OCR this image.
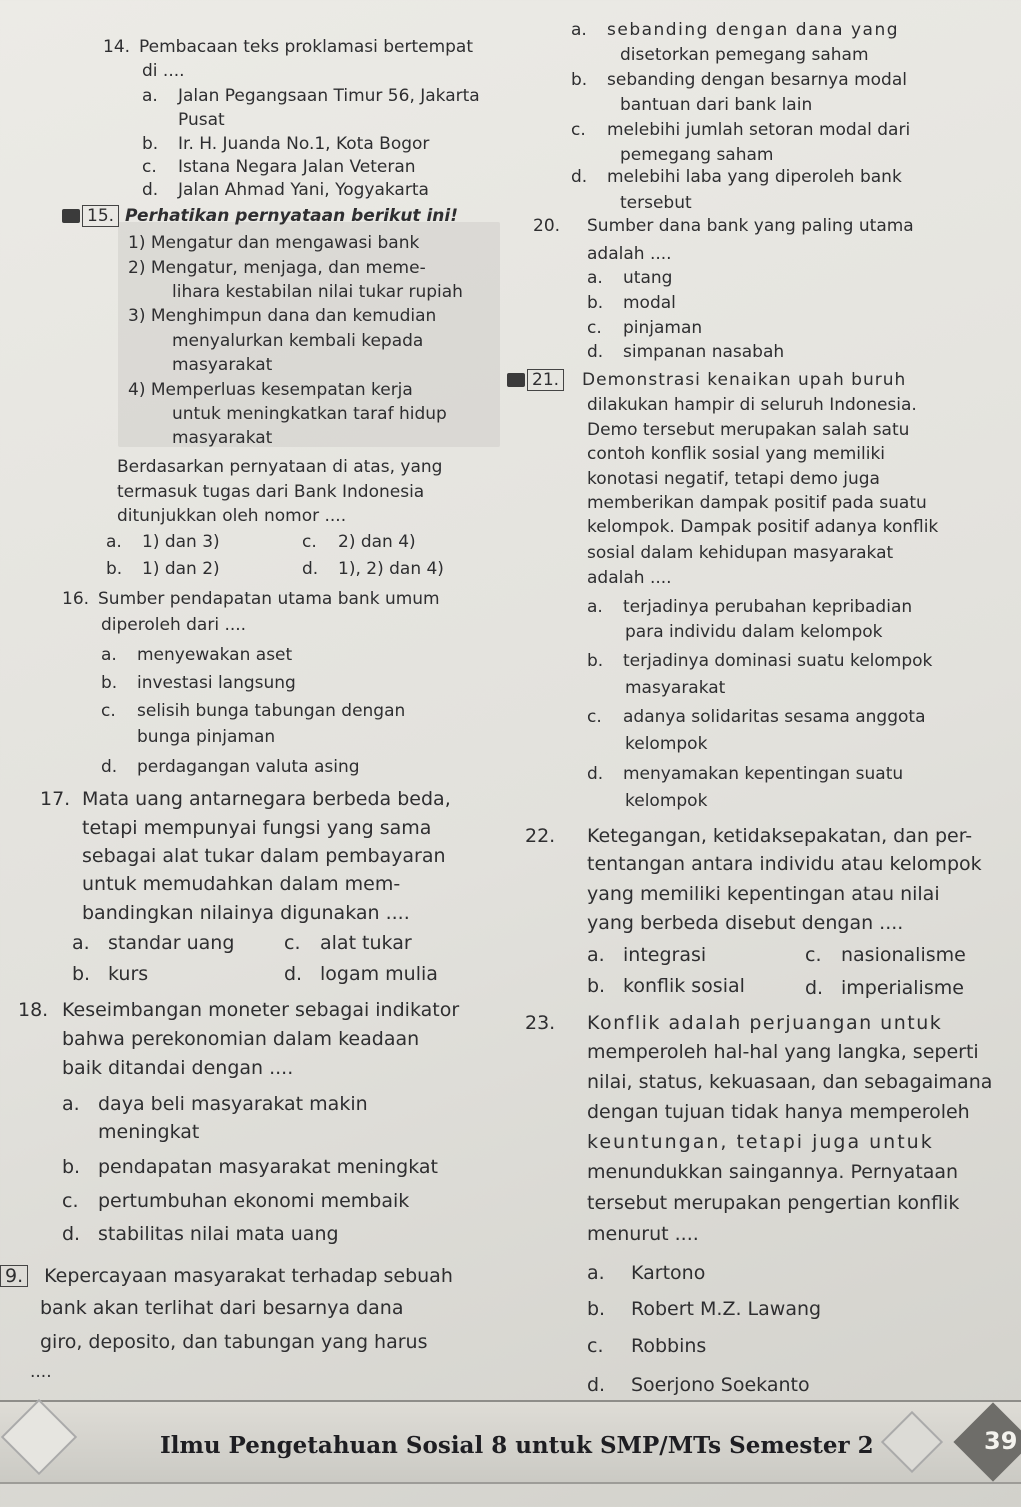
14. Pembacaan teks proklamasi bertempat
di ....
a. Jalan Pegangsaan Timur 56, Jakarta
Pusat
b. Ir. H. Juanda No.1, Kota Bogor
c. Istana Negara Jalan Veteran
d. Jalan Ahmad Yani, Yogyakarta
15. Perhatikan pernyataan berikut ini!
1) Mengatur dan mengawasi bank
2) Mengatur, menjaga, dan meme-
lihara kestabilan nilai tukar rupiah
3) Menghimpun dana dan kemudian
menyalurkan kembali kepada
masyarakat
4) Memperluas kesempatan kerja
untuk meningkatkan taraf hidup
masyarakat
Berdasarkan pernyataan di atas, yang
termasuk tugas dari Bank Indonesia
ditunjukkan oleh nomor ....
a. 1) dan 3)	c. 2) dan 4)
b. 1) dan 2)	d. 1), 2) dan 4)
16. Sumber pendapatan utama bank umum
diperoleh dari ....
a. menyewakan aset
b. investasi langsung
c. selisih bunga tabungan dengan
bunga pinjaman
d. perdagangan valuta asing
17. Mata uang antarnegara berbeda beda,
tetapi mempunyai fungsi yang sama
sebagai alat tukar dalam pembayaran
untuk memudahkan dalam mem-
bandingkan nilainya digunakan ....
a. standar uang	c. alat tukar
b. kurs	d. logam mulia
18. Keseimbangan moneter sebagai indikator
bahwa perekonomian dalam keadaan
baik ditandai dengan ....
a. daya beli masyarakat makin
meningkat
b. pendapatan masyarakat meningkat
c. pertumbuhan ekonomi membaik
d. stabilitas nilai mata uang
9. Kepercayaan masyarakat terhadap sebuah
bank akan terlihat dari besarnya dana
giro, deposito, dan tabungan yang harus
....
a. sebanding dengan dana yang
disetorkan pemegang saham
b. sebanding dengan besarnya modal
bantuan dari bank lain
c. melebihi jumlah setoran modal dari
pemegang saham
d. melebihi laba yang diperoleh bank
tersebut
20. Sumber dana bank yang paling utama
adalah ....
a. utang
b. modal
c. pinjaman
d. simpanan nasabah
21. Demonstrasi kenaikan upah buruh
dilakukan hampir di seluruh Indonesia.
Demo tersebut merupakan salah satu
contoh konflik sosial yang memiliki
konotasi negatif, tetapi demo juga
memberikan dampak positif pada suatu
kelompok. Dampak positif adanya konflik
sosial dalam kehidupan masyarakat
adalah ....
a. terjadinya perubahan kepribadian
para individu dalam kelompok
b. terjadinya dominasi suatu kelompok
masyarakat
c. adanya solidaritas sesama anggota
kelompok
d. menyamakan kepentingan suatu
kelompok
22. Ketegangan, ketidaksepakatan, dan per-
tentangan antara individu atau kelompok
yang memiliki kepentingan atau nilai
yang berbeda disebut dengan ....
a. integrasi	c. nasionalisme
b. konflik sosial	d. imperialisme
23. Konflik adalah perjuangan untuk
memperoleh hal-hal yang langka, seperti
nilai, status, kekuasaan, dan sebagaimana
dengan tujuan tidak hanya memperoleh
keuntungan, tetapi juga untuk
menundukkan saingannya. Pernyataan
tersebut merupakan pengertian konflik
menurut ....
a. Kartono
b. Robert M.Z. Lawang
c. Robbins
d. Soerjono Soekanto
Ilmu Pengetahuan Sosial 8 untuk SMP/MTs Semester 2	39
